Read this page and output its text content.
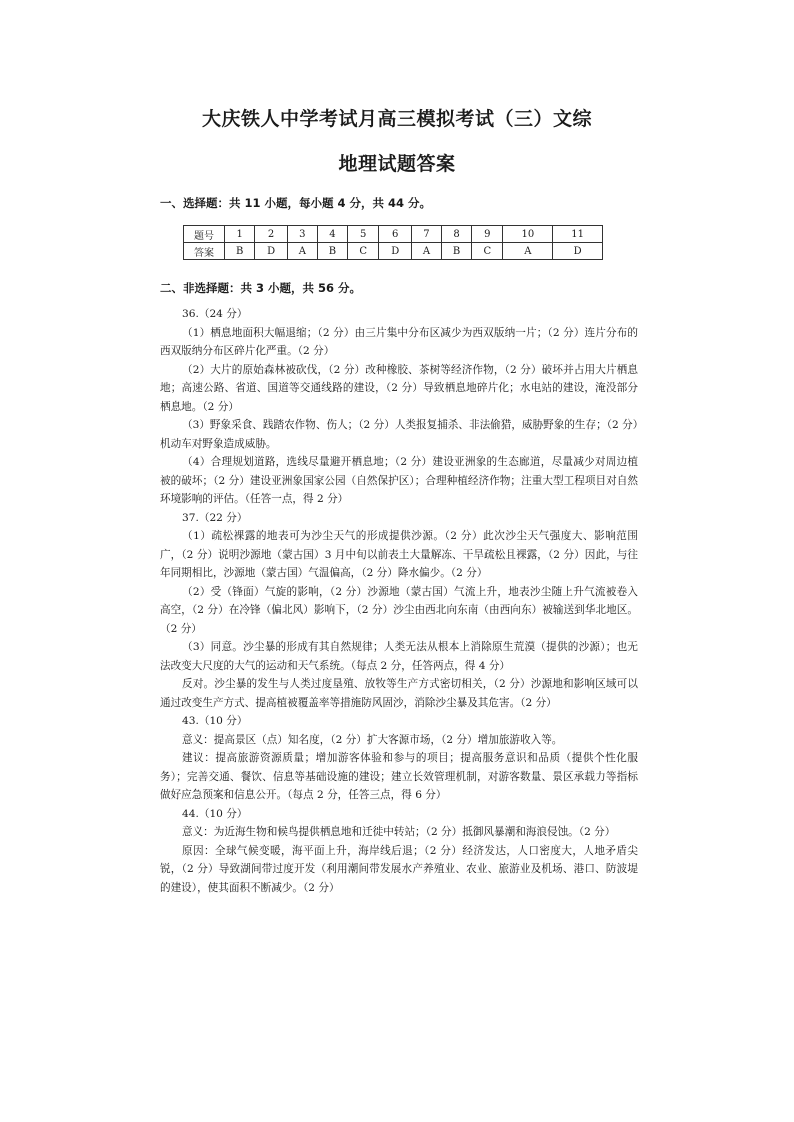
大庆铁人中学考试月高三模拟考试（三）文综
地理试题答案

一、选择题：共 11 小题，每小题 4 分，共 44 分。

题号	1	2	3	4	5	6	7	8	9	10	11
答案	B	D	A	B	C	D	A	B	C	A	D

二、非选择题：共 3 小题，共 56 分。

36.（24 分）

（1）栖息地面积大幅退缩；（2 分）由三片集中分布区减少为西双版纳一片；（2 分）连片分布的西双版纳分布区碎片化严重。（2 分）

（2）大片的原始森林被砍伐，（2 分）改种橡胶、茶树等经济作物，（2 分）破坏并占用大片栖息地；高速公路、省道、国道等交通线路的建设，（2 分）导致栖息地碎片化；水电站的建设，淹没部分栖息地。（2 分）

（3）野象采食、践踏农作物、伤人；（2 分）人类报复捕杀、非法偷猎，威胁野象的生存；（2 分）机动车对野象造成威胁。

（4）合理规划道路，选线尽量避开栖息地；（2 分）建设亚洲象的生态廊道，尽量减少对周边植被的破坏；（2 分）建设亚洲象国家公园（自然保护区）；合理种植经济作物；注重大型工程项目对自然环境影响的评估。（任答一点，得 2 分）

37.（22 分）

（1）疏松裸露的地表可为沙尘天气的形成提供沙源。（2 分）此次沙尘天气强度大、影响范围广，（2 分）说明沙源地（蒙古国）3 月中旬以前表土大量解冻、干旱疏松且裸露，（2 分）因此，与往年同期相比，沙源地（蒙古国）气温偏高，（2 分）降水偏少。（2 分）

（2）受（锋面）气旋的影响，（2 分）沙源地（蒙古国）气流上升，地表沙尘随上升气流被卷入高空，（2 分）在冷锋（偏北风）影响下，（2 分）沙尘由西北向东南（由西向东）被输送到华北地区。（2 分）

（3）同意。沙尘暴的形成有其自然规律；人类无法从根本上消除原生荒漠（提供的沙源）；也无法改变大尺度的大气的运动和天气系统。（每点 2 分，任答两点，得 4 分）

反对。沙尘暴的发生与人类过度垦殖、放牧等生产方式密切相关，（2 分）沙源地和影响区域可以通过改变生产方式、提高植被覆盖率等措施防风固沙，消除沙尘暴及其危害。（2 分）

43.（10 分）

意义：提高景区（点）知名度，（2 分）扩大客源市场，（2 分）增加旅游收入等。

建议：提高旅游资源质量；增加游客体验和参与的项目；提高服务意识和品质（提供个性化服务）；完善交通、餐饮、信息等基础设施的建设；建立长效管理机制，对游客数量、景区承载力等指标做好应急预案和信息公开。（每点 2 分，任答三点，得 6 分）

44.（10 分）

意义：为近海生物和候鸟提供栖息地和迁徙中转站；（2 分）抵御风暴潮和海浪侵蚀。（2 分）

原因：全球气候变暖，海平面上升，海岸线后退；（2 分）经济发达，人口密度大，人地矛盾尖锐，（2 分）导致湖间带过度开发（利用潮间带发展水产养殖业、农业、旅游业及机场、港口、防波堤的建设），使其面积不断减少。（2 分）
